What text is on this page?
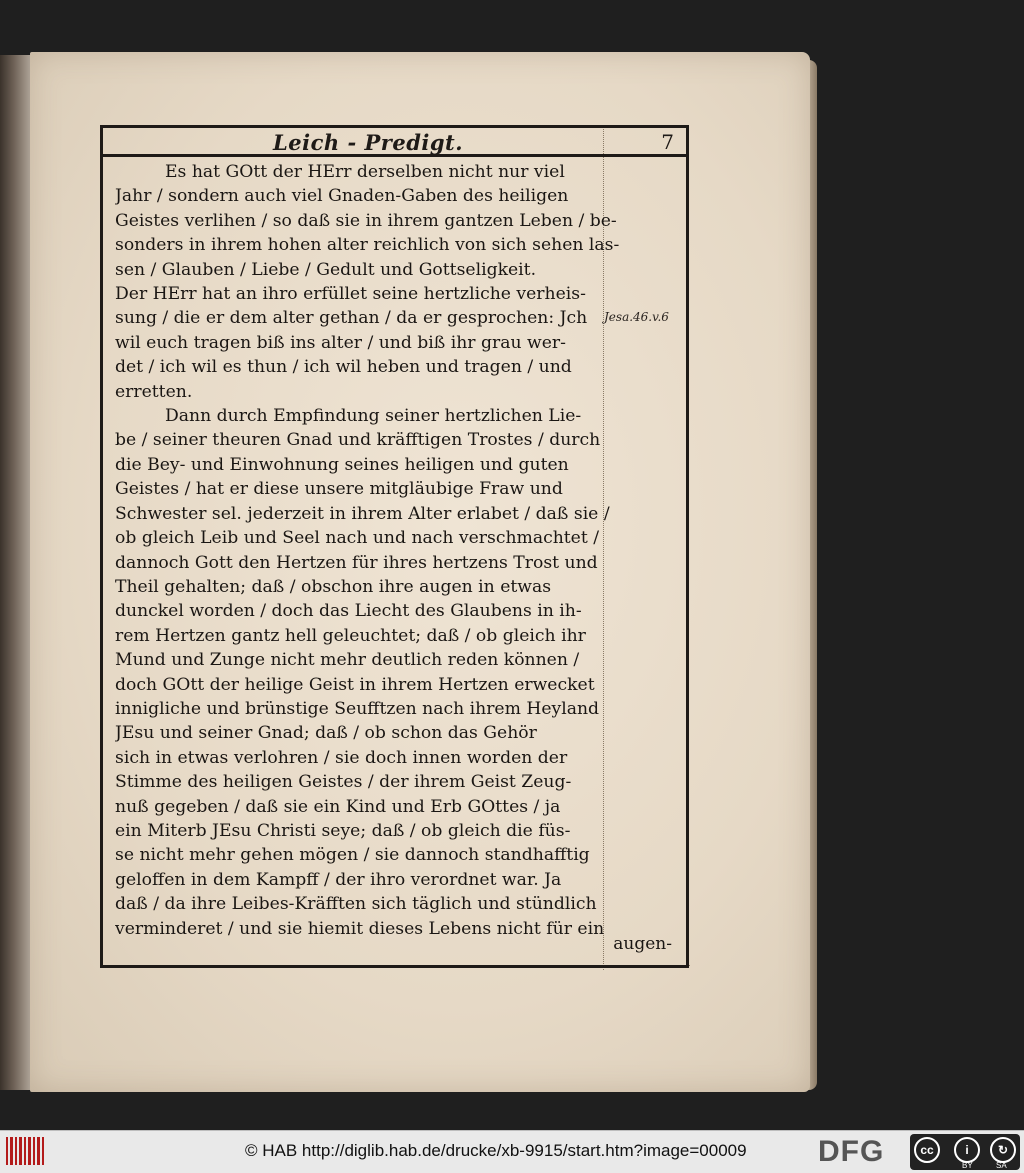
Leich - Predigt.	7
Es hat GOtt der HErr derselben nicht nur viel
Jahr / sondern auch viel Gnaden-Gaben des heiligen
Geistes verlihen / so daß sie in ihrem gantzen Leben / be-
sonders in ihrem hohen alter reichlich von sich sehen las-
sen / Glauben / Liebe / Gedult und Gottseligkeit.
Der HErr hat an ihro erfüllet seine hertzliche verheis-
sung / die er dem alter gethan / da er gesprochen: Jch
wil euch tragen biß ins alter / und biß ihr grau wer-
det / ich wil es thun / ich wil heben und tragen / und
erretten.
Dann durch Empfindung seiner hertzlichen Lie-
be / seiner theuren Gnad und kräfftigen Trostes / durch
die Bey- und Einwohnung seines heiligen und guten
Geistes / hat er diese unsere mitgläubige Fraw und
Schwester sel. jederzeit in ihrem Alter erlabet / daß sie /
ob gleich Leib und Seel nach und nach verschmachtet /
dannoch Gott den Hertzen für ihres hertzens Trost und
Theil gehalten; daß / obschon ihre augen in etwas
dunckel worden / doch das Liecht des Glaubens in ih-
rem Hertzen gantz hell geleuchtet; daß / ob gleich ihr
Mund und Zunge nicht mehr deutlich reden können /
doch GOtt der heilige Geist in ihrem Hertzen erwecket
innigliche und brünstige Seufftzen nach ihrem Heyland
JEsu und seiner Gnad; daß / ob schon das Gehör
sich in etwas verlohren / sie doch innen worden der
Stimme des heiligen Geistes / der ihrem Geist Zeug-
nuß gegeben / daß sie ein Kind und Erb GOttes / ja
ein Miterb JEsu Christi seye; daß / ob gleich die füs-
se nicht mehr gehen mögen / sie dannoch standhafftig
geloffen in dem Kampff / der ihro verordnet war. Ja
daß / da ihre Leibes-Kräfften sich täglich und stündlich
verminderet / und sie hiemit dieses Lebens nicht für ein
augen-
Jesa.46.v.6
© HAB http://diglib.hab.de/drucke/xb-9915/start.htm?image=00009 DFG	cc	i	↻
BY	SA
